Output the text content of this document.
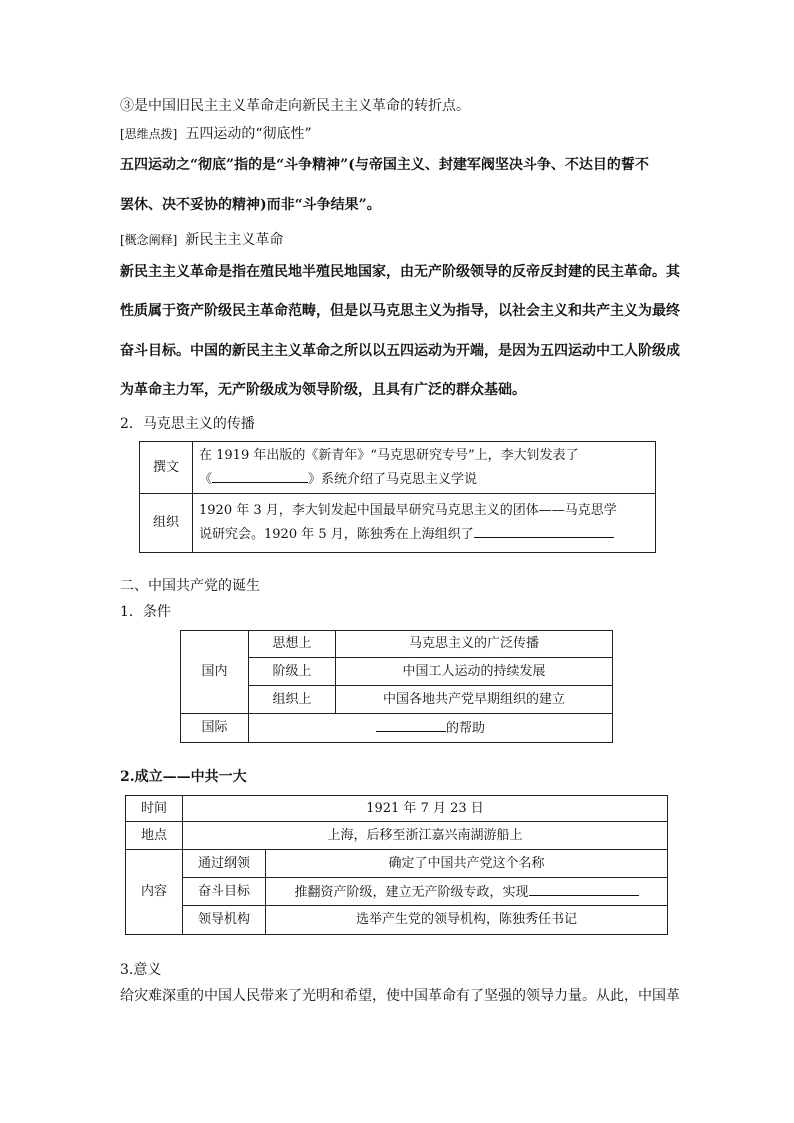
③是中国旧民主主义革命走向新民主主义革命的转折点。
[思维点拨] 五四运动的“彻底性”
五四运动之“彻底”指的是“斗争精神”(与帝国主义、封建军阀坚决斗争、不达目的誓不
罢休、决不妥协的精神)而非“斗争结果”。
[概念阐释] 新民主主义革命
新民主主义革命是指在殖民地半殖民地国家，由无产阶级领导的反帝反封建的民主革命。其
性质属于资产阶级民主革命范畴，但是以马克思主义为指导，以社会主义和共产主义为最终
奋斗目标。中国的新民主主义革命之所以以五四运动为开端，是因为五四运动中工人阶级成
为革命主力军，无产阶级成为领导阶级，且具有广泛的群众基础。
2．马克思主义的传播
撰文	在 1919 年出版的《新青年》“马克思研究专号”上，李大钊发表了
《 》系统介绍了马克思主义学说

组织	1920 年 3 月，李大钊发起中国最早研究马克思主义的团体——马克思学
说研究会。1920 年 5 月，陈独秀在上海组织了
二、中国共产党的诞生
1．条件
国内	思想上	马克思主义的广泛传播
	阶级上	中国工人运动的持续发展
	组织上	中国各地共产党早期组织的建立
国际	的帮助	
2.成立——中共一大
时间	1921 年 7 月 23 日	
地点	上海，后移至浙江嘉兴南湖游船上	
内容	通过纲领	确定了中国共产党这个名称
	奋斗目标	推翻资产阶级，建立无产阶级专政，实现
	领导机构	选举产生党的领导机构，陈独秀任书记
3.意义
给灾难深重的中国人民带来了光明和希望，使中国革命有了坚强的领导力量。从此，中国革
